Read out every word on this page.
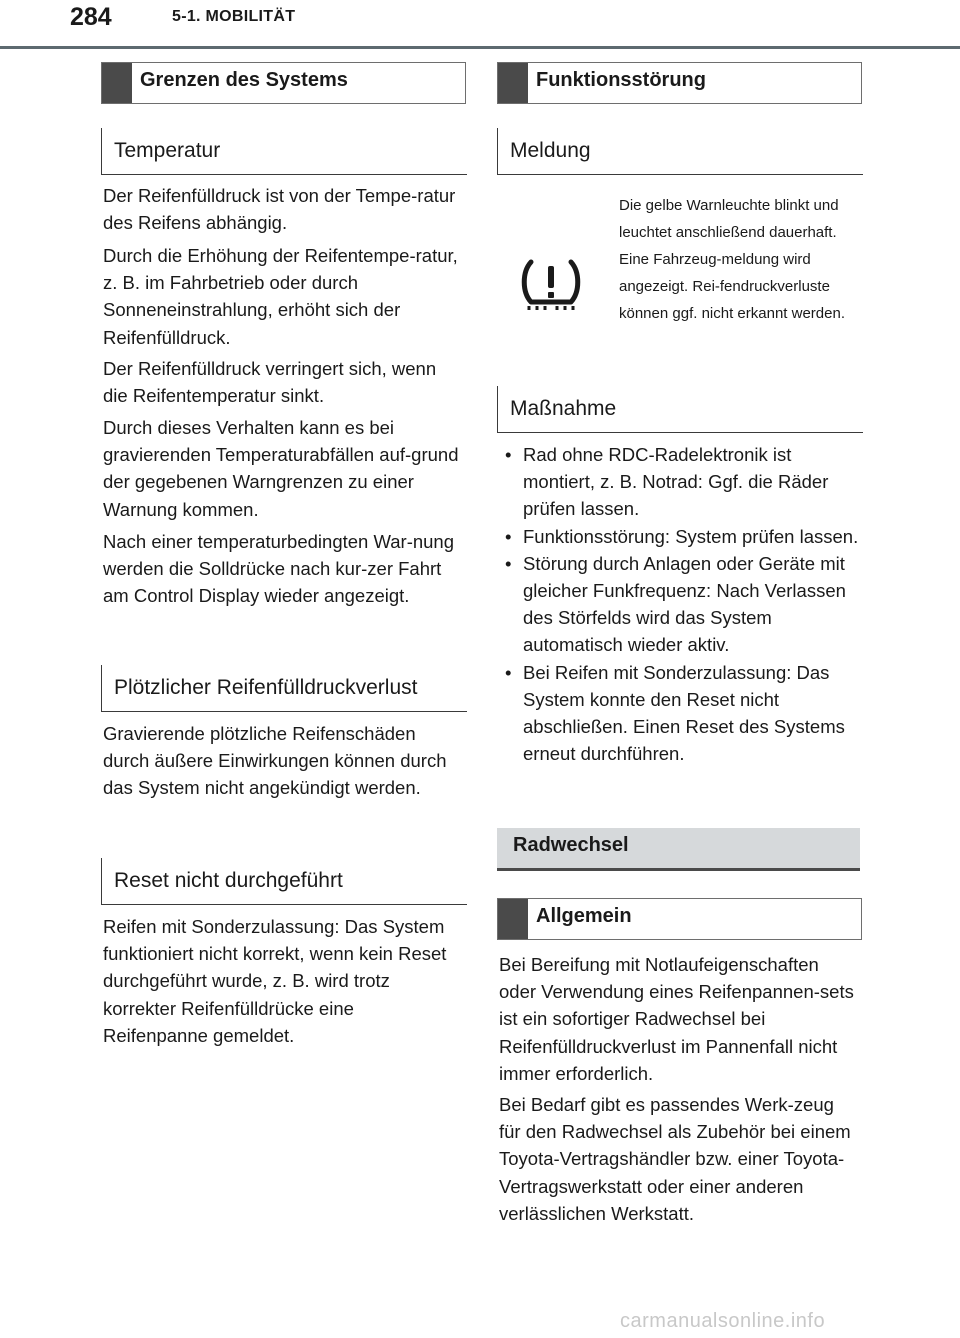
284	5-1. MOBILITÄT
Grenzen des Systems
Temperatur

Der Reifenfülldruck ist von der Tempe-ratur des Reifens abhängig.

Durch die Erhöhung der Reifentempe-ratur, z. B. im Fahrbetrieb oder durch Sonneneinstrahlung, erhöht sich der Reifenfülldruck.

Der Reifenfülldruck verringert sich, wenn die Reifentemperatur sinkt.

Durch dieses Verhalten kann es bei gravierenden Temperaturabfällen auf-grund der gegebenen Warngrenzen zu einer Warnung kommen.

Nach einer temperaturbedingten War-nung werden die Solldrücke nach kur-zer Fahrt am Control Display wieder angezeigt.

Plötzlicher Reifenfülldruckverlust

Gravierende plötzliche Reifenschäden durch äußere Einwirkungen können durch das System nicht angekündigt werden.

Reset nicht durchgeführt

Reifen mit Sonderzulassung: Das System funktioniert nicht korrekt, wenn kein Reset durchgeführt wurde, z. B. wird trotz korrekter Reifenfülldrücke eine Reifenpanne gemeldet.

Funktionsstörung
Meldung

Die gelbe Warnleuchte blinkt und leuchtet anschließend dauerhaft. Eine Fahrzeug-meldung wird angezeigt. Rei-fendruckverluste können ggf. nicht erkannt werden.

Maßnahme
• Rad ohne RDC-Radelektronik ist montiert, z. B. Notrad: Ggf. die Räder prüfen lassen.
• Funktionsstörung: System prüfen lassen.
• Störung durch Anlagen oder Geräte mit gleicher Funkfrequenz: Nach Verlassen des Störfelds wird das System automatisch wieder aktiv.
• Bei Reifen mit Sonderzulassung: Das System konnte den Reset nicht abschließen. Einen Reset des Systems erneut durchführen.
Radwechsel
Allgemein

Bei Bereifung mit Notlaufeigenschaften oder Verwendung eines Reifenpannen-sets ist ein sofortiger Radwechsel bei Reifenfülldruckverlust im Pannenfall nicht immer erforderlich.

Bei Bedarf gibt es passendes Werk-zeug für den Radwechsel als Zubehör bei einem Toyota-Vertragshändler bzw. einer Toyota-Vertragswerkstatt oder einer anderen verlässlichen Werkstatt.

carmanualsonline.info
